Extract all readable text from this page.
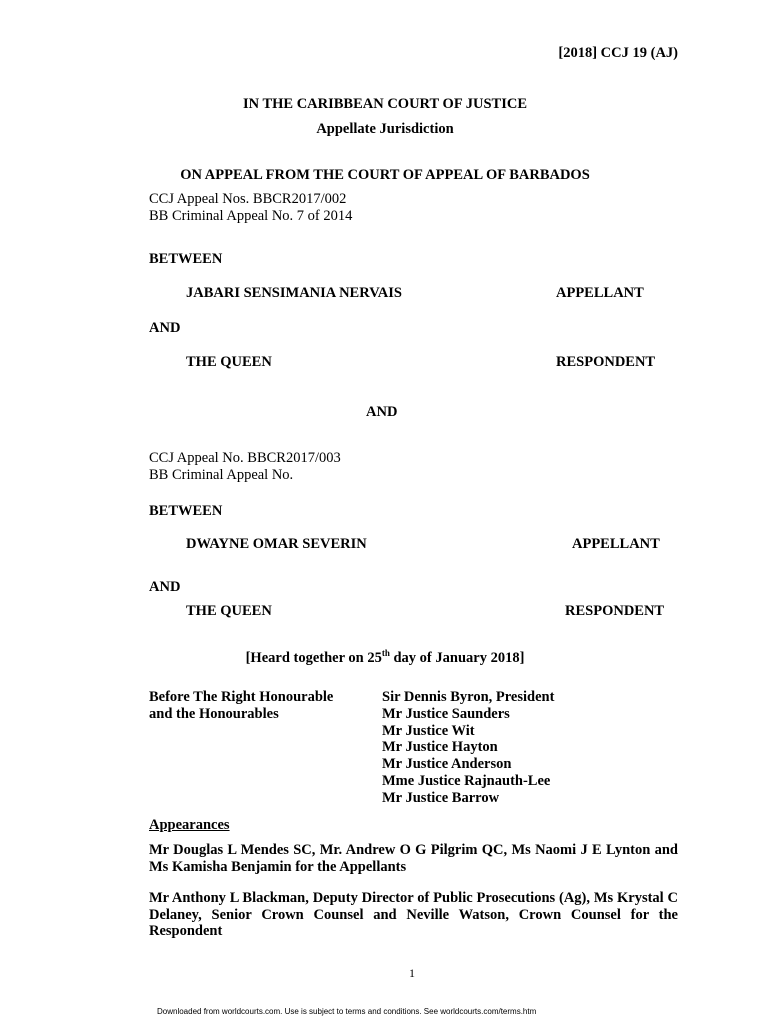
[2018] CCJ 19 (AJ)
IN THE CARIBBEAN COURT OF JUSTICE
Appellate Jurisdiction
ON APPEAL FROM THE COURT OF APPEAL OF BARBADOS
CCJ Appeal Nos. BBCR2017/002
BB Criminal Appeal No. 7 of 2014
BETWEEN
JABARI SENSIMANIA NERVAIS	APPELLANT
AND
THE QUEEN	RESPONDENT
AND
CCJ Appeal No. BBCR2017/003
BB Criminal Appeal No.
BETWEEN
DWAYNE OMAR SEVERIN	APPELLANT
AND
THE QUEEN	RESPONDENT
[Heard together on 25th day of January 2018]
Before The Right Honourable
and the Honourables
Sir Dennis Byron, President
Mr Justice Saunders
Mr Justice Wit
Mr Justice Hayton
Mr Justice Anderson
Mme Justice Rajnauth-Lee
Mr Justice Barrow
Appearances
Mr Douglas L Mendes SC, Mr. Andrew O G Pilgrim QC, Ms Naomi J E Lynton and Ms Kamisha Benjamin for the Appellants
Mr Anthony L Blackman, Deputy Director of Public Prosecutions (Ag), Ms Krystal C Delaney, Senior Crown Counsel and Neville Watson, Crown Counsel for the Respondent
1
Downloaded from worldcourts.com. Use is subject to terms and conditions. See worldcourts.com/terms.htm
